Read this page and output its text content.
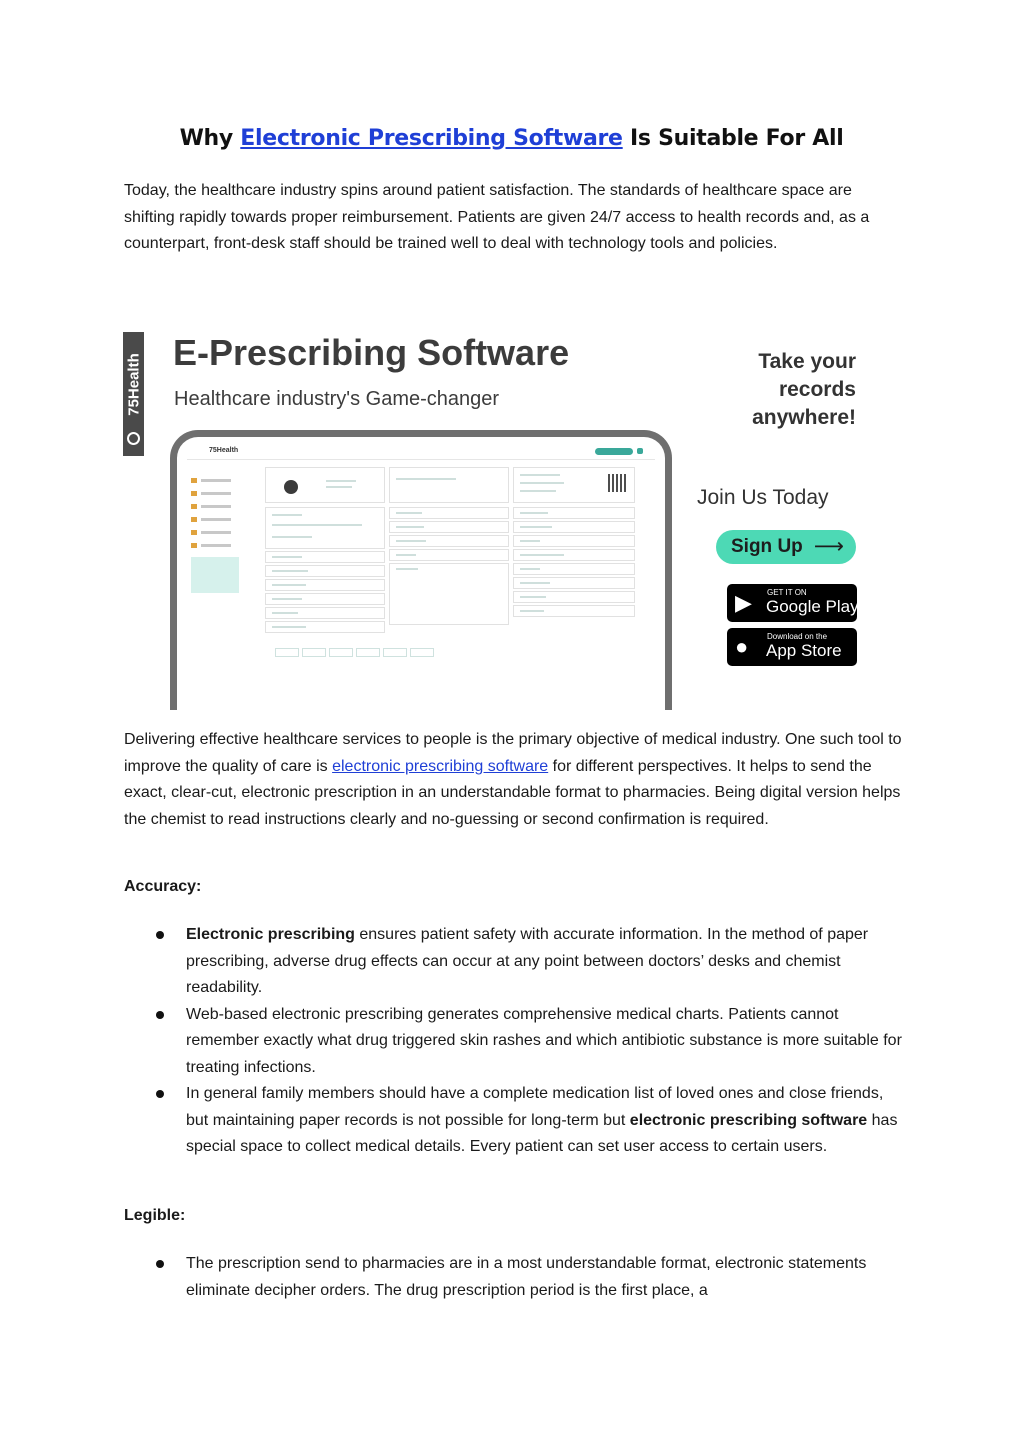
Why Electronic Prescribing Software Is Suitable For All
Today, the healthcare industry spins around patient satisfaction. The standards of healthcare space are shifting rapidly towards proper reimbursement. Patients are given 24/7 access to health records and, as a counterpart, front-desk staff should be trained well to deal with technology tools and policies.
75Health
E-Prescribing Software
Healthcare industry's Game-changer
75Health
Take your
records
anywhere!
Join Us Today
Sign Up ⟶
▶ GET IT ON
Google Play
● Download on the
App Store
Delivering effective healthcare services to people is the primary objective of medical industry. One such tool to improve the quality of care is electronic prescribing software for different perspectives. It helps to send the exact, clear-cut, electronic prescription in an understandable format to pharmacies. Being digital version helps the chemist to read instructions clearly and no-guessing or second confirmation is required.
Accuracy:
Electronic prescribing ensures patient safety with accurate information. In the method of paper prescribing, adverse drug effects can occur at any point between doctors’ desks and chemist readability.
Web-based electronic prescribing generates comprehensive medical charts. Patients cannot remember exactly what drug triggered skin rashes and which antibiotic substance is more suitable for treating infections.
In general family members should have a complete medication list of loved ones and close friends, but maintaining paper records is not possible for long-term but electronic prescribing software has special space to collect medical details. Every patient can set user access to certain users.
Legible:
The prescription send to pharmacies are in a most understandable format, electronic statements eliminate decipher orders. The drug prescription period is the first place, a
